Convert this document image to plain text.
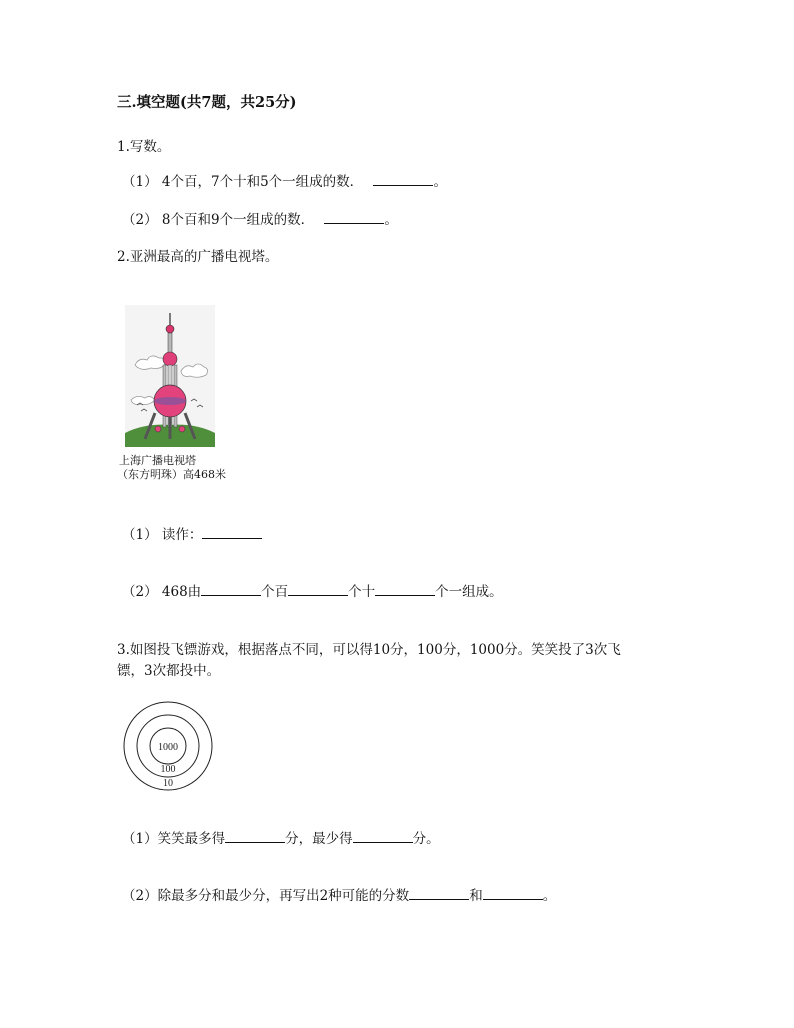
三.填空题(共7题，共25分)
1.写数。
（1） 4个百，7个十和5个一组成的数．	。
（2） 8个百和9个一组成的数．	。
2.亚洲最高的广播电视塔。
上海广播电视塔
（东方明珠）高468米
（1） 读作：
（2） 468由	个百	个十	个一组成。
3.如图投飞镖游戏，根据落点不同，可以得10分，100分，1000分。笑笑投了3次飞
镖，3次都投中。
1000
100
10
（1）笑笑最多得	分，最少得	分。
（2）除最多分和最少分，再写出2种可能的分数	和	。
